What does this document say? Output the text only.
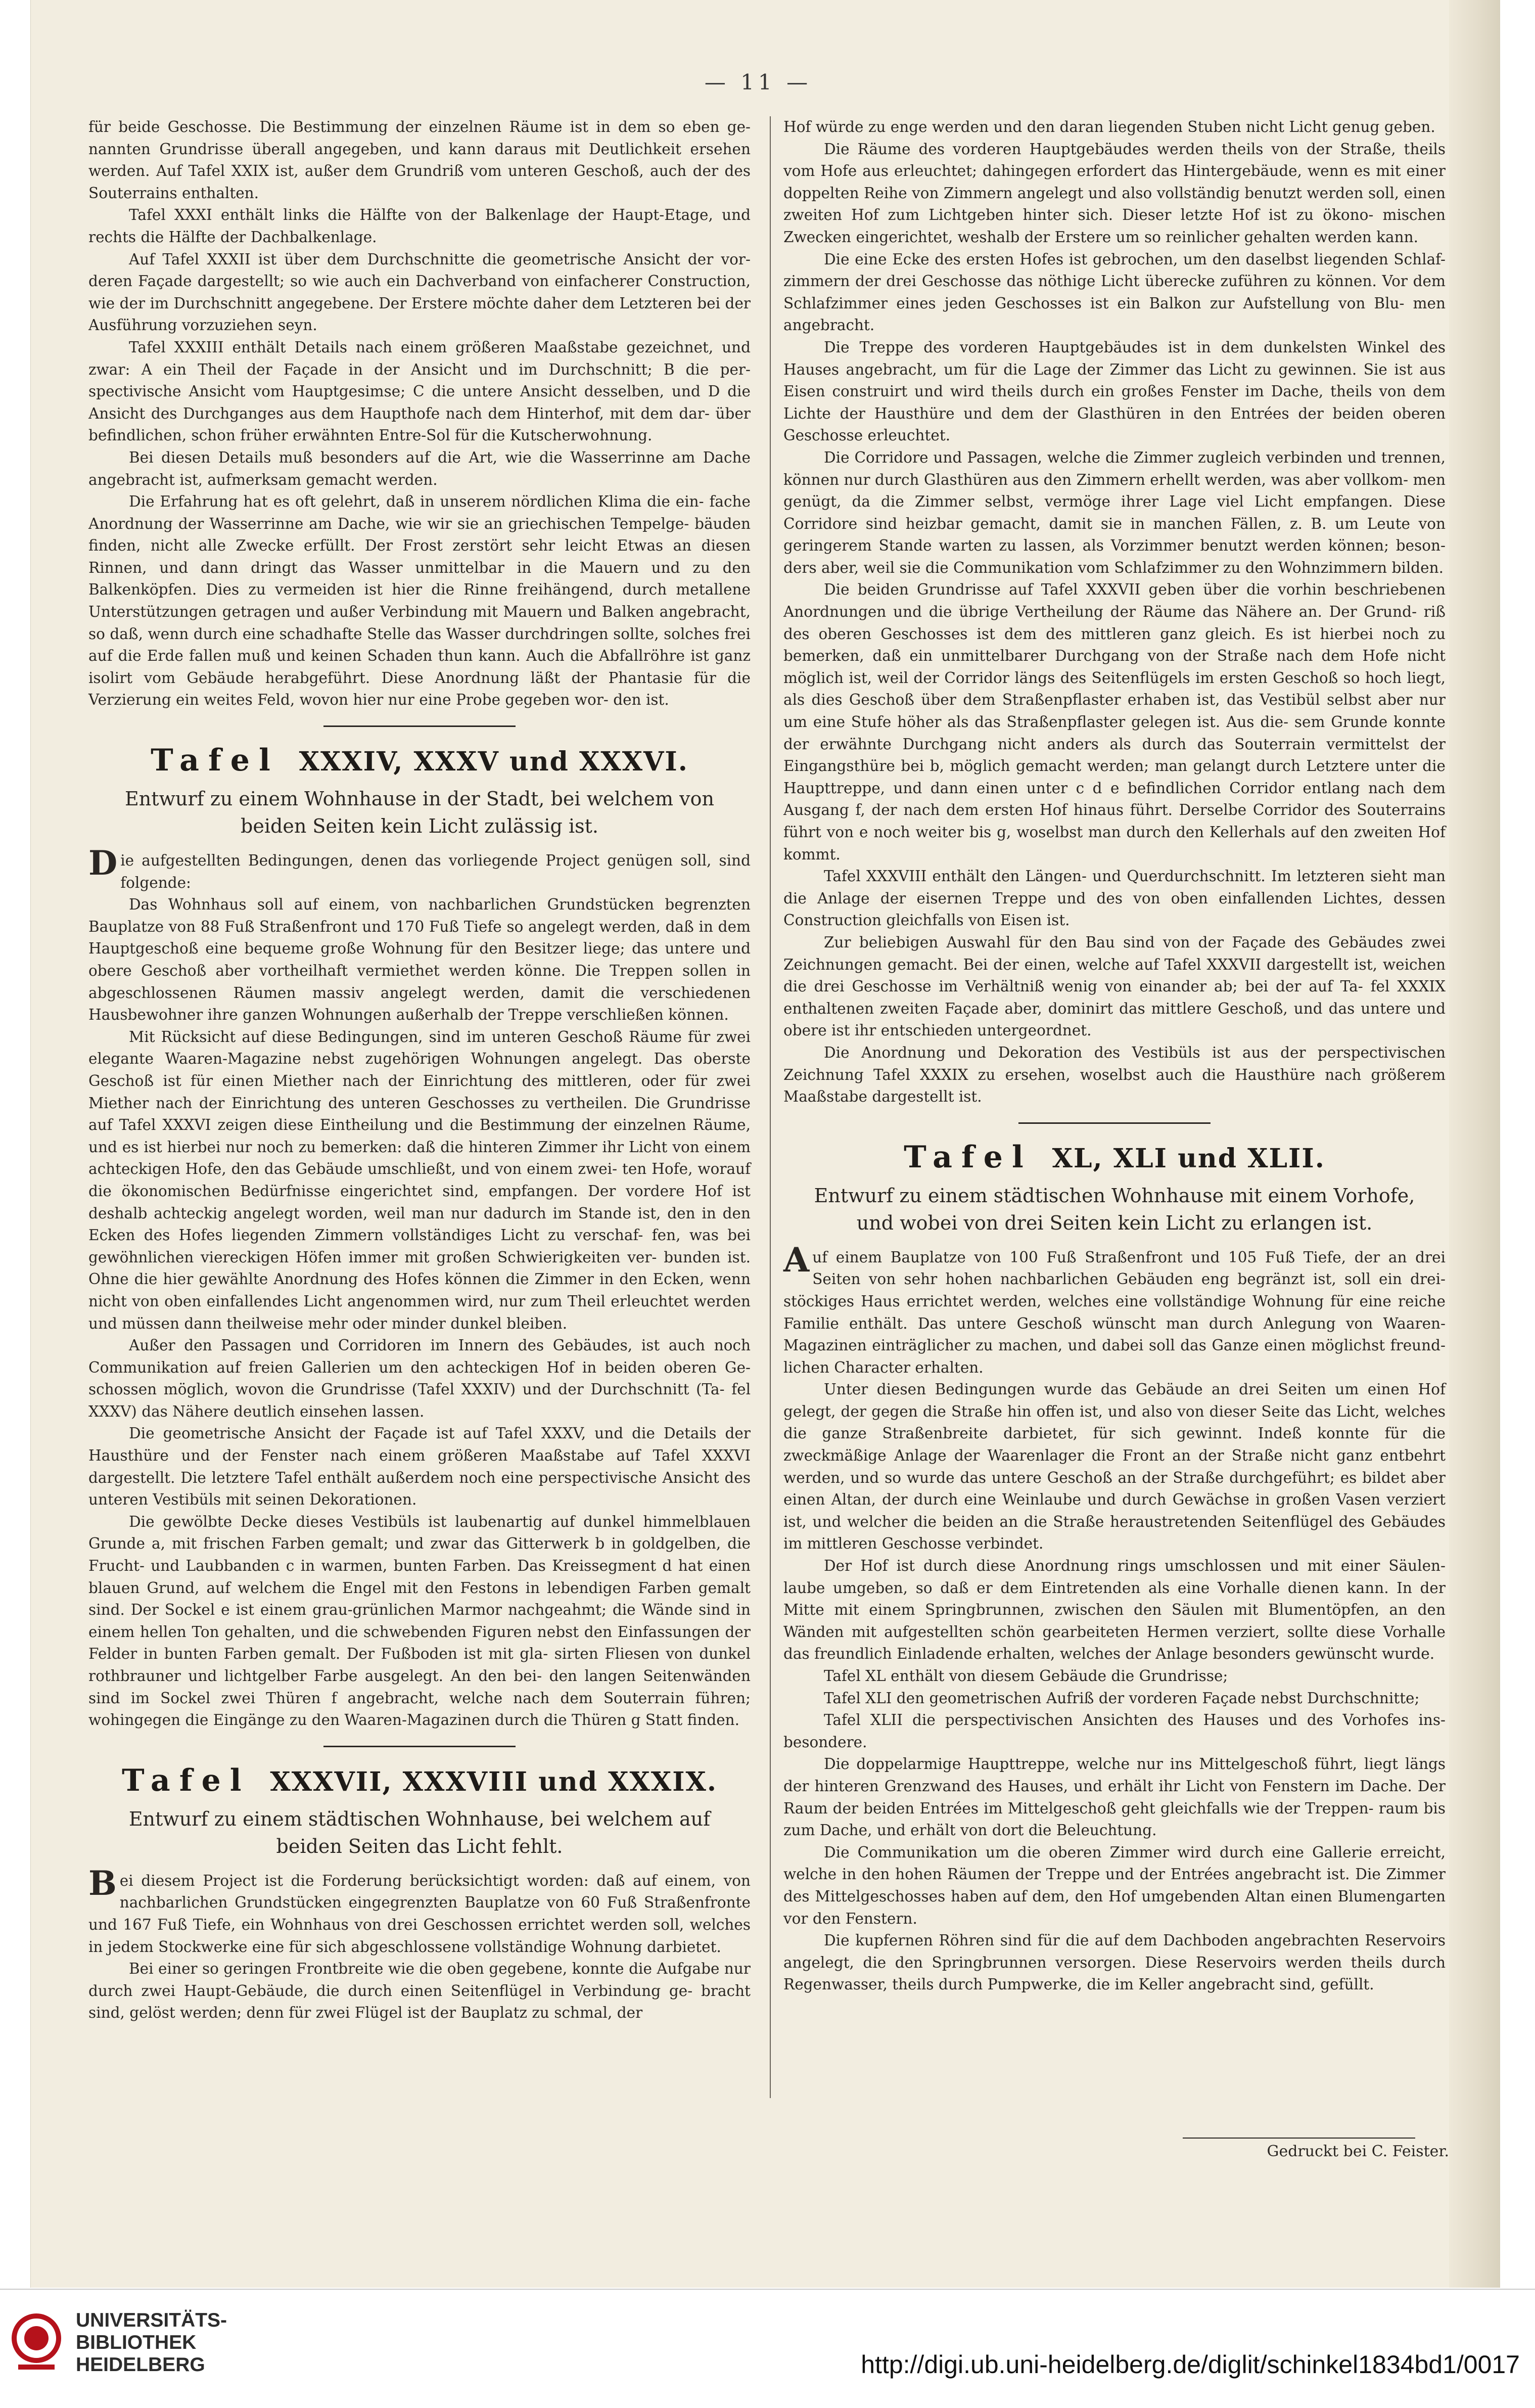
— 11 —

für beide Geschosse. Die Bestimmung der einzelnen Räume ist in dem so eben ge- nannten Grundrisse überall angegeben, und kann daraus mit Deutlichkeit ersehen werden. Auf Tafel XXIX ist, außer dem Grundriß vom unteren Geschoß, auch der des Souterrains enthalten.

Tafel XXXI enthält links die Hälfte von der Balkenlage der Haupt-Etage, und rechts die Hälfte der Dachbalkenlage.

Auf Tafel XXXII ist über dem Durchschnitte die geometrische Ansicht der vor- deren Façade dargestellt; so wie auch ein Dachverband von einfacherer Construction, wie der im Durchschnitt angegebene. Der Erstere möchte daher dem Letzteren bei der Ausführung vorzuziehen seyn.

Tafel XXXIII enthält Details nach einem größeren Maaßstabe gezeichnet, und zwar: A ein Theil der Façade in der Ansicht und im Durchschnitt; B die per- spectivische Ansicht vom Hauptgesimse; C die untere Ansicht desselben, und D die Ansicht des Durchganges aus dem Haupthofe nach dem Hinterhof, mit dem dar- über befindlichen, schon früher erwähnten Entre-Sol für die Kutscherwohnung.

Bei diesen Details muß besonders auf die Art, wie die Wasserrinne am Dache angebracht ist, aufmerksam gemacht werden.

Die Erfahrung hat es oft gelehrt, daß in unserem nördlichen Klima die ein- fache Anordnung der Wasserrinne am Dache, wie wir sie an griechischen Tempelge- bäuden finden, nicht alle Zwecke erfüllt. Der Frost zerstört sehr leicht Etwas an diesen Rinnen, und dann dringt das Wasser unmittelbar in die Mauern und zu den Balkenköpfen. Dies zu vermeiden ist hier die Rinne freihängend, durch metallene Unterstützungen getragen und außer Verbindung mit Mauern und Balken angebracht, so daß, wenn durch eine schadhafte Stelle das Wasser durchdringen sollte, solches frei auf die Erde fallen muß und keinen Schaden thun kann. Auch die Abfallröhre ist ganz isolirt vom Gebäude herabgeführt. Diese Anordnung läßt der Phantasie für die Verzierung ein weites Feld, wovon hier nur eine Probe gegeben wor- den ist.

Tafel XXXIV, XXXV und XXXVI.
Entwurf zu einem Wohnhause in der Stadt, bei welchem von beiden Seiten kein Licht zulässig ist.

Die aufgestellten Bedingungen, denen das vorliegende Project genügen soll, sind folgende:

Das Wohnhaus soll auf einem, von nachbarlichen Grundstücken begrenzten Bauplatze von 88 Fuß Straßenfront und 170 Fuß Tiefe so angelegt werden, daß in dem Hauptgeschoß eine bequeme große Wohnung für den Besitzer liege; das untere und obere Geschoß aber vortheilhaft vermiethet werden könne. Die Treppen sollen in abgeschlossenen Räumen massiv angelegt werden, damit die verschiedenen Hausbewohner ihre ganzen Wohnungen außerhalb der Treppe verschließen können.

Mit Rücksicht auf diese Bedingungen, sind im unteren Geschoß Räume für zwei elegante Waaren-Magazine nebst zugehörigen Wohnungen angelegt. Das oberste Geschoß ist für einen Miether nach der Einrichtung des mittleren, oder für zwei Miether nach der Einrichtung des unteren Geschosses zu vertheilen. Die Grundrisse auf Tafel XXXVI zeigen diese Eintheilung und die Bestimmung der einzelnen Räume, und es ist hierbei nur noch zu bemerken: daß die hinteren Zimmer ihr Licht von einem achteckigen Hofe, den das Gebäude umschließt, und von einem zwei- ten Hofe, worauf die ökonomischen Bedürfnisse eingerichtet sind, empfangen. Der vordere Hof ist deshalb achteckig angelegt worden, weil man nur dadurch im Stande ist, den in den Ecken des Hofes liegenden Zimmern vollständiges Licht zu verschaf- fen, was bei gewöhnlichen viereckigen Höfen immer mit großen Schwierigkeiten ver- bunden ist. Ohne die hier gewählte Anordnung des Hofes können die Zimmer in den Ecken, wenn nicht von oben einfallendes Licht angenommen wird, nur zum Theil erleuchtet werden und müssen dann theilweise mehr oder minder dunkel bleiben.

Außer den Passagen und Corridoren im Innern des Gebäudes, ist auch noch Communikation auf freien Gallerien um den achteckigen Hof in beiden oberen Ge- schossen möglich, wovon die Grundrisse (Tafel XXXIV) und der Durchschnitt (Ta- fel XXXV) das Nähere deutlich einsehen lassen.

Die geometrische Ansicht der Façade ist auf Tafel XXXV, und die Details der Hausthüre und der Fenster nach einem größeren Maaßstabe auf Tafel XXXVI dargestellt. Die letztere Tafel enthält außerdem noch eine perspectivische Ansicht des unteren Vestibüls mit seinen Dekorationen.

Die gewölbte Decke dieses Vestibüls ist laubenartig auf dunkel himmelblauen Grunde a, mit frischen Farben gemalt; und zwar das Gitterwerk b in goldgelben, die Frucht- und Laubbanden c in warmen, bunten Farben. Das Kreissegment d hat einen blauen Grund, auf welchem die Engel mit den Festons in lebendigen Farben gemalt sind. Der Sockel e ist einem grau-grünlichen Marmor nachgeahmt; die Wände sind in einem hellen Ton gehalten, und die schwebenden Figuren nebst den Einfassungen der Felder in bunten Farben gemalt. Der Fußboden ist mit gla- sirten Fliesen von dunkel rothbrauner und lichtgelber Farbe ausgelegt. An den bei- den langen Seitenwänden sind im Sockel zwei Thüren f angebracht, welche nach dem Souterrain führen; wohingegen die Eingänge zu den Waaren-Magazinen durch die Thüren g Statt finden.

Tafel XXXVII, XXXVIII und XXXIX.
Entwurf zu einem städtischen Wohnhause, bei welchem auf beiden Seiten das Licht fehlt.

Bei diesem Project ist die Forderung berücksichtigt worden: daß auf einem, von nachbarlichen Grundstücken eingegrenzten Bauplatze von 60 Fuß Straßenfronte und 167 Fuß Tiefe, ein Wohnhaus von drei Geschossen errichtet werden soll, welches in jedem Stockwerke eine für sich abgeschlossene vollständige Wohnung darbietet.

Bei einer so geringen Frontbreite wie die oben gegebene, konnte die Aufgabe nur durch zwei Haupt-Gebäude, die durch einen Seitenflügel in Verbindung ge- bracht sind, gelöst werden; denn für zwei Flügel ist der Bauplatz zu schmal, der

Hof würde zu enge werden und den daran liegenden Stuben nicht Licht genug geben.

Die Räume des vorderen Hauptgebäudes werden theils von der Straße, theils vom Hofe aus erleuchtet; dahingegen erfordert das Hintergebäude, wenn es mit einer doppelten Reihe von Zimmern angelegt und also vollständig benutzt werden soll, einen zweiten Hof zum Lichtgeben hinter sich. Dieser letzte Hof ist zu ökono- mischen Zwecken eingerichtet, weshalb der Erstere um so reinlicher gehalten werden kann.

Die eine Ecke des ersten Hofes ist gebrochen, um den daselbst liegenden Schlaf- zimmern der drei Geschosse das nöthige Licht überecke zuführen zu können. Vor dem Schlafzimmer eines jeden Geschosses ist ein Balkon zur Aufstellung von Blu- men angebracht.

Die Treppe des vorderen Hauptgebäudes ist in dem dunkelsten Winkel des Hauses angebracht, um für die Lage der Zimmer das Licht zu gewinnen. Sie ist aus Eisen construirt und wird theils durch ein großes Fenster im Dache, theils von dem Lichte der Hausthüre und dem der Glasthüren in den Entrées der beiden oberen Geschosse erleuchtet.

Die Corridore und Passagen, welche die Zimmer zugleich verbinden und trennen, können nur durch Glasthüren aus den Zimmern erhellt werden, was aber vollkom- men genügt, da die Zimmer selbst, vermöge ihrer Lage viel Licht empfangen. Diese Corridore sind heizbar gemacht, damit sie in manchen Fällen, z. B. um Leute von geringerem Stande warten zu lassen, als Vorzimmer benutzt werden können; beson- ders aber, weil sie die Communikation vom Schlafzimmer zu den Wohnzimmern bilden.

Die beiden Grundrisse auf Tafel XXXVII geben über die vorhin beschriebenen Anordnungen und die übrige Vertheilung der Räume das Nähere an. Der Grund- riß des oberen Geschosses ist dem des mittleren ganz gleich. Es ist hierbei noch zu bemerken, daß ein unmittelbarer Durchgang von der Straße nach dem Hofe nicht möglich ist, weil der Corridor längs des Seitenflügels im ersten Geschoß so hoch liegt, als dies Geschoß über dem Straßenpflaster erhaben ist, das Vestibül selbst aber nur um eine Stufe höher als das Straßenpflaster gelegen ist. Aus die- sem Grunde konnte der erwähnte Durchgang nicht anders als durch das Souterrain vermittelst der Eingangsthüre bei b, möglich gemacht werden; man gelangt durch Letztere unter die Haupttreppe, und dann einen unter c d e befindlichen Corridor entlang nach dem Ausgang f, der nach dem ersten Hof hinaus führt. Derselbe Corridor des Souterrains führt von e noch weiter bis g, woselbst man durch den Kellerhals auf den zweiten Hof kommt.

Tafel XXXVIII enthält den Längen- und Querdurchschnitt. Im letzteren sieht man die Anlage der eisernen Treppe und des von oben einfallenden Lichtes, dessen Construction gleichfalls von Eisen ist.

Zur beliebigen Auswahl für den Bau sind von der Façade des Gebäudes zwei Zeichnungen gemacht. Bei der einen, welche auf Tafel XXXVII dargestellt ist, weichen die drei Geschosse im Verhältniß wenig von einander ab; bei der auf Ta- fel XXXIX enthaltenen zweiten Façade aber, dominirt das mittlere Geschoß, und das untere und obere ist ihr entschieden untergeordnet.

Die Anordnung und Dekoration des Vestibüls ist aus der perspectivischen Zeichnung Tafel XXXIX zu ersehen, woselbst auch die Hausthüre nach größerem Maaßstabe dargestellt ist.

Tafel XL, XLI und XLII.
Entwurf zu einem städtischen Wohnhause mit einem Vorhofe, und wobei von drei Seiten kein Licht zu erlangen ist.

Auf einem Bauplatze von 100 Fuß Straßenfront und 105 Fuß Tiefe, der an drei Seiten von sehr hohen nachbarlichen Gebäuden eng begränzt ist, soll ein drei- stöckiges Haus errichtet werden, welches eine vollständige Wohnung für eine reiche Familie enthält. Das untere Geschoß wünscht man durch Anlegung von Waaren- Magazinen einträglicher zu machen, und dabei soll das Ganze einen möglichst freund- lichen Character erhalten.

Unter diesen Bedingungen wurde das Gebäude an drei Seiten um einen Hof gelegt, der gegen die Straße hin offen ist, und also von dieser Seite das Licht, welches die ganze Straßenbreite darbietet, für sich gewinnt. Indeß konnte für die zweckmäßige Anlage der Waarenlager die Front an der Straße nicht ganz entbehrt werden, und so wurde das untere Geschoß an der Straße durchgeführt; es bildet aber einen Altan, der durch eine Weinlaube und durch Gewächse in großen Vasen verziert ist, und welcher die beiden an die Straße heraustretenden Seitenflügel des Gebäudes im mittleren Geschosse verbindet.

Der Hof ist durch diese Anordnung rings umschlossen und mit einer Säulen- laube umgeben, so daß er dem Eintretenden als eine Vorhalle dienen kann. In der Mitte mit einem Springbrunnen, zwischen den Säulen mit Blumentöpfen, an den Wänden mit aufgestellten schön gearbeiteten Hermen verziert, sollte diese Vorhalle das freundlich Einladende erhalten, welches der Anlage besonders gewünscht wurde.

Tafel XL enthält von diesem Gebäude die Grundrisse;

Tafel XLI den geometrischen Aufriß der vorderen Façade nebst Durchschnitte;

Tafel XLII die perspectivischen Ansichten des Hauses und des Vorhofes ins- besondere.

Die doppelarmige Haupttreppe, welche nur ins Mittelgeschoß führt, liegt längs der hinteren Grenzwand des Hauses, und erhält ihr Licht von Fenstern im Dache. Der Raum der beiden Entrées im Mittelgeschoß geht gleichfalls wie der Treppen- raum bis zum Dache, und erhält von dort die Beleuchtung.

Die Communikation um die oberen Zimmer wird durch eine Gallerie erreicht, welche in den hohen Räumen der Treppe und der Entrées angebracht ist. Die Zimmer des Mittelgeschosses haben auf dem, den Hof umgebenden Altan einen Blumengarten vor den Fenstern.

Die kupfernen Röhren sind für die auf dem Dachboden angebrachten Reservoirs angelegt, die den Springbrunnen versorgen. Diese Reservoirs werden theils durch Regenwasser, theils durch Pumpwerke, die im Keller angebracht sind, gefüllt.

Gedruckt bei C. Feister.
UNIVERSITÄTS-
BIBLIOTHEK
HEIDELBERG	http://digi.ub.uni-heidelberg.de/diglit/schinkel1834bd1/0017
